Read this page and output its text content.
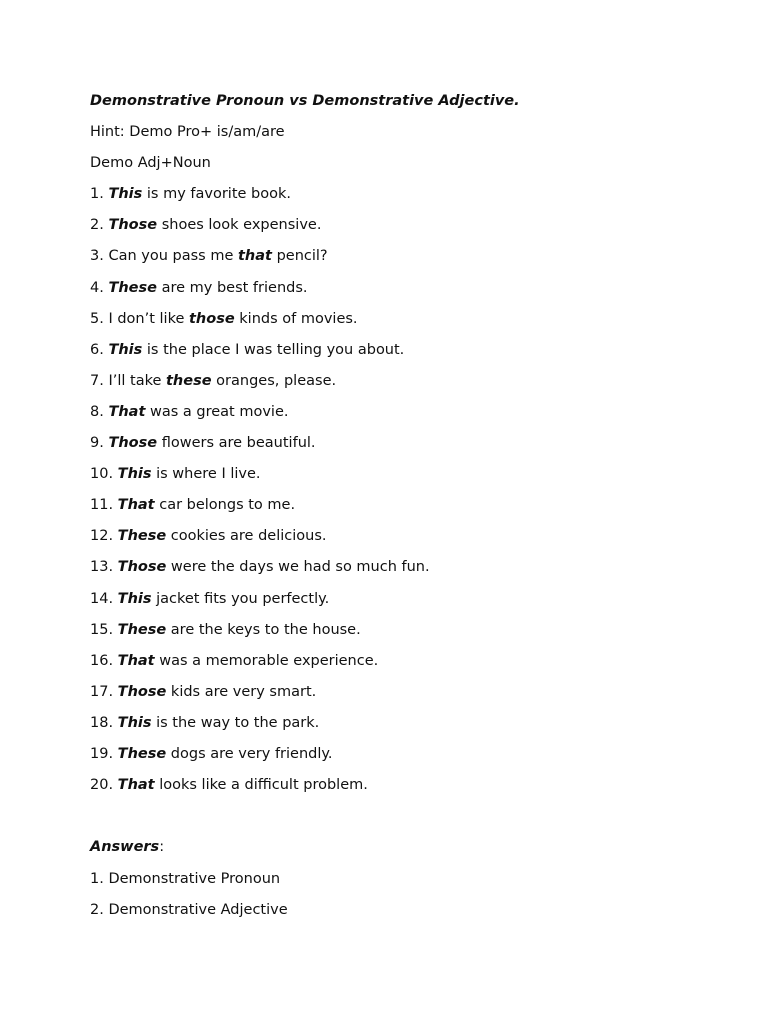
Demonstrative Pronoun vs Demonstrative Adjective.
Hint: Demo Pro+ is/am/are
Demo Adj+Noun
1. This is my favorite book.
2. Those shoes look expensive.
3. Can you pass me that pencil?
4. These are my best friends.
5. I don’t like those kinds of movies.
6. This is the place I was telling you about.
7. I’ll take these oranges, please.
8. That was a great movie.
9. Those flowers are beautiful.
10. This is where I live.
11. That car belongs to me.
12. These cookies are delicious.
13. Those were the days we had so much fun.
14. This jacket fits you perfectly.
15. These are the keys to the house.
16. That was a memorable experience.
17. Those kids are very smart.
18. This is the way to the park.
19. These dogs are very friendly.
20. That looks like a difficult problem.
Answers:
1. Demonstrative Pronoun
2. Demonstrative Adjective
